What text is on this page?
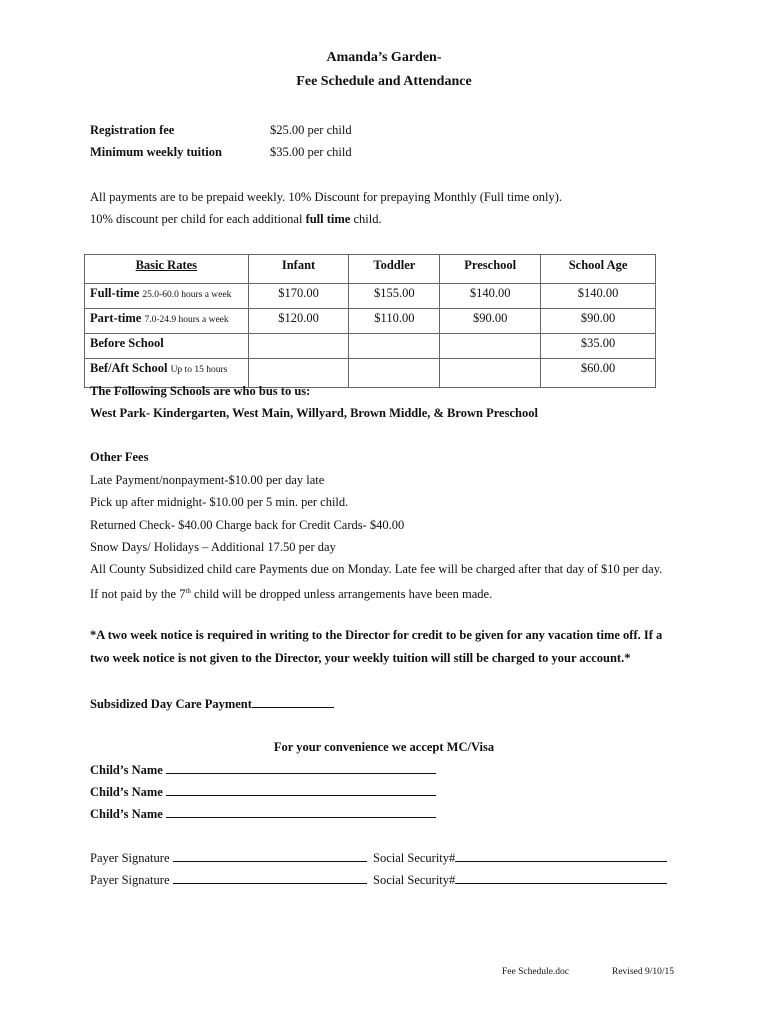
Amanda’s Garden-
Fee Schedule and Attendance
Registration fee	$25.00 per child
Minimum weekly tuition	$35.00 per child
All payments are to be prepaid weekly. 10% Discount for prepaying Monthly (Full time only).
10% discount per child for each additional full time child.
Basic Rates	Infant	Toddler	Preschool	School Age
Full-time 25.0-60.0 hours a week	$170.00	$155.00	$140.00	$140.00
Part-time 7.0-24.9 hours a week	$120.00	$110.00	$90.00	$90.00
Before School				$35.00
Bef/Aft School Up to 15 hours				$60.00
The Following Schools are who bus to us:
West Park- Kindergarten, West Main, Willyard, Brown Middle, & Brown Preschool
Other Fees
Late Payment/nonpayment-$10.00 per day late
Pick up after midnight- $10.00 per 5 min. per child.
Returned Check- $40.00 Charge back for Credit Cards- $40.00
Snow Days/ Holidays – Additional 17.50 per day
All County Subsidized child care Payments due on Monday. Late fee will be charged after that day of $10 per day.
If not paid by the 7th child will be dropped unless arrangements have been made.
*A two week notice is required in writing to the Director for credit to be given for any vacation time off. If a
two week notice is not given to the Director, your weekly tuition will still be charged to your account.*
Subsidized Day Care Payment
For your convenience we accept MC/Visa
Child’s Name
Child’s Name
Child’s Name
Payer Signature	Social Security#
Payer Signature	Social Security#
Fee Schedule.doc	Revised 9/10/15
